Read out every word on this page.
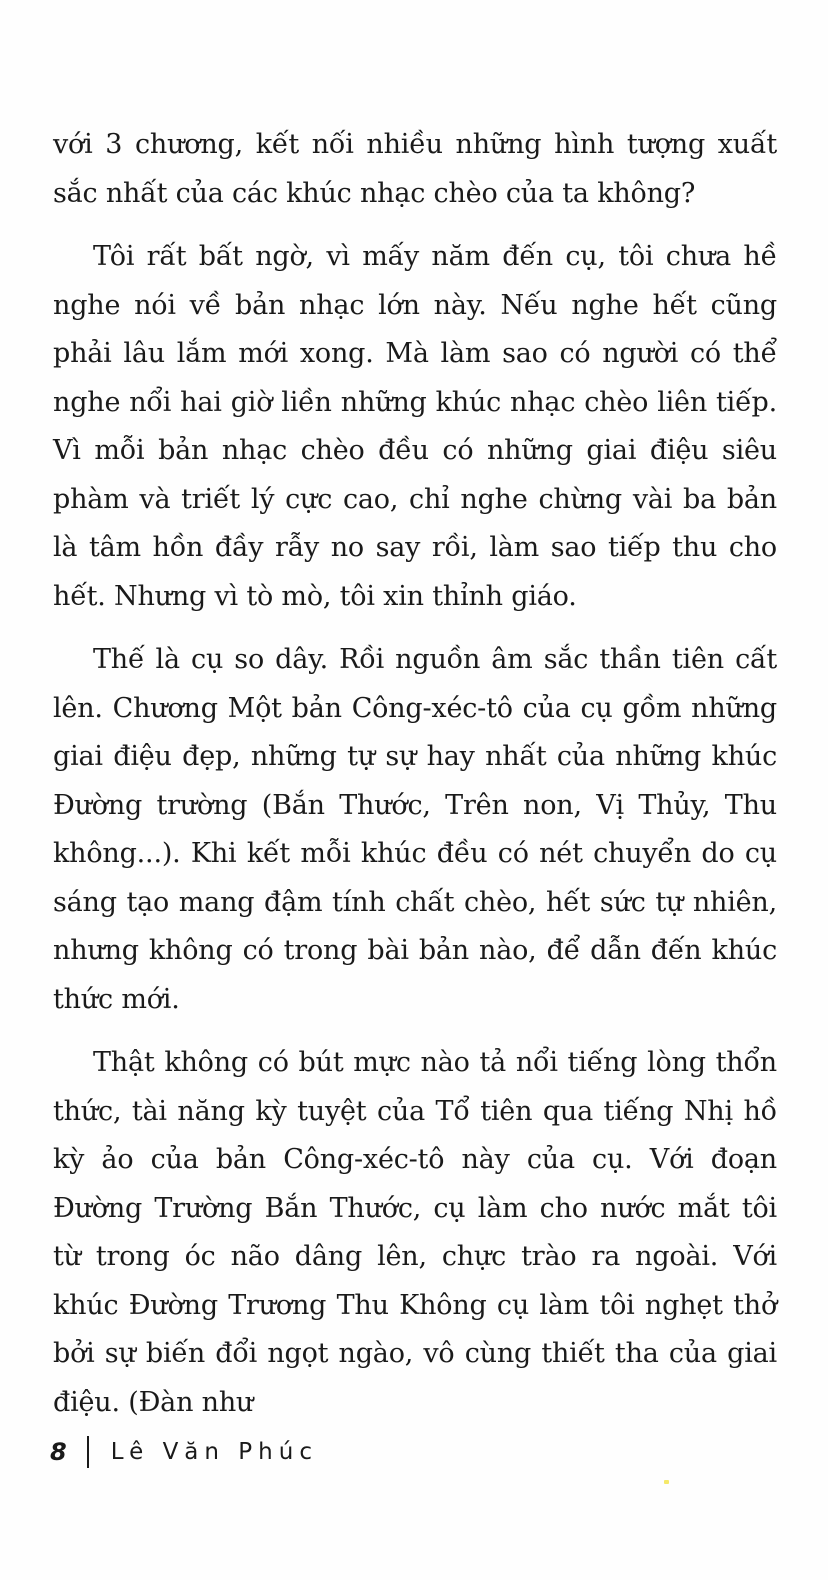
với 3 chương, kết nối nhiều những hình tượng xuất sắc nhất của các khúc nhạc chèo của ta không?

Tôi rất bất ngờ, vì mấy năm đến cụ, tôi chưa hề nghe nói về bản nhạc lớn này. Nếu nghe hết cũng phải lâu lắm mới xong. Mà làm sao có người có thể nghe nổi hai giờ liền những khúc nhạc chèo liên tiếp. Vì mỗi bản nhạc chèo đều có những giai điệu siêu phàm và triết lý cực cao, chỉ nghe chừng vài ba bản là tâm hồn đầy rẫy no say rồi, làm sao tiếp thu cho hết. Nhưng vì tò mò, tôi xin thỉnh giáo.

Thế là cụ so dây. Rồi nguồn âm sắc thần tiên cất lên. Chương Một bản Công-xéc-tô của cụ gồm những giai điệu đẹp, những tự sự hay nhất của những khúc Đường trường (Bắn Thước, Trên non, Vị Thủy, Thu không...). Khi kết mỗi khúc đều có nét chuyển do cụ sáng tạo mang đậm tính chất chèo, hết sức tự nhiên, nhưng không có trong bài bản nào, để dẫn đến khúc thức mới.

Thật không có bút mực nào tả nổi tiếng lòng thổn thức, tài năng kỳ tuyệt của Tổ tiên qua tiếng Nhị hồ kỳ ảo của bản Công-xéc-tô này của cụ. Với đoạn Đường Trường Bắn Thước, cụ làm cho nước mắt tôi từ trong óc não dâng lên, chực trào ra ngoài. Với khúc Đường Trương Thu Không cụ làm tôi nghẹt thở bởi sự biến đổi ngọt ngào, vô cùng thiết tha của giai điệu. (Đàn như

8 Lê Văn Phúc
